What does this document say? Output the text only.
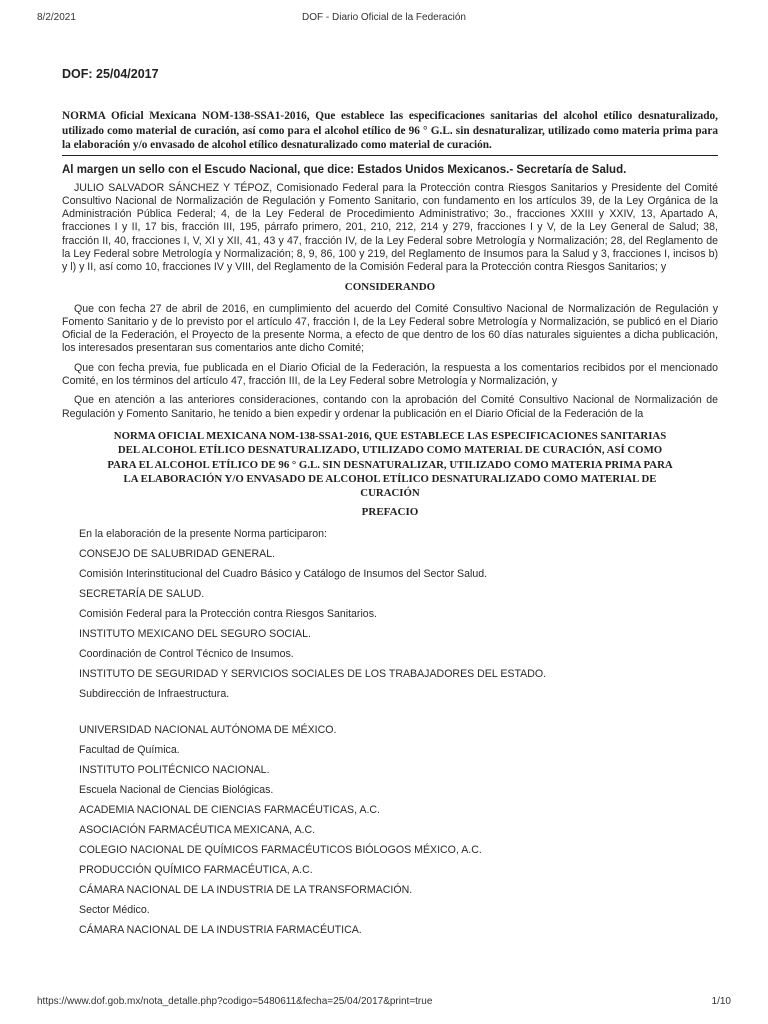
8/2/2021	DOF - Diario Oficial de la Federación
DOF: 25/04/2017
NORMA Oficial Mexicana NOM-138-SSA1-2016, Que establece las especificaciones sanitarias del alcohol etílico desnaturalizado, utilizado como material de curación, así como para el alcohol etílico de 96 ° G.L. sin desnaturalizar, utilizado como materia prima para la elaboración y/o envasado de alcohol etílico desnaturalizado como material de curación.
Al margen un sello con el Escudo Nacional, que dice: Estados Unidos Mexicanos.- Secretaría de Salud.

JULIO SALVADOR SÁNCHEZ Y TÉPOZ, Comisionado Federal para la Protección contra Riesgos Sanitarios y Presidente del Comité Consultivo Nacional de Normalización de Regulación y Fomento Sanitario, con fundamento en los artículos 39, de la Ley Orgánica de la Administración Pública Federal; 4, de la Ley Federal de Procedimiento Administrativo; 3o., fracciones XXIII y XXIV, 13, Apartado A, fracciones I y II, 17 bis, fracción III, 195, párrafo primero, 201, 210, 212, 214 y 279, fracciones I y V, de la Ley General de Salud; 38, fracción II, 40, fracciones I, V, XI y XII, 41, 43 y 47, fracción IV, de la Ley Federal sobre Metrología y Normalización; 28, del Reglamento de la Ley Federal sobre Metrología y Normalización; 8, 9, 86, 100 y 219, del Reglamento de Insumos para la Salud y 3, fracciones I, incisos b) y l) y II, así como 10, fracciones IV y VIII, del Reglamento de la Comisión Federal para la Protección contra Riesgos Sanitarios; y

CONSIDERANDO

Que con fecha 27 de abril de 2016, en cumplimiento del acuerdo del Comité Consultivo Nacional de Normalización de Regulación y Fomento Sanitario y de lo previsto por el artículo 47, fracción I, de la Ley Federal sobre Metrología y Normalización, se publicó en el Diario Oficial de la Federación, el Proyecto de la presente Norma, a efecto de que dentro de los 60 días naturales siguientes a dicha publicación, los interesados presentaran sus comentarios ante dicho Comité;

Que con fecha previa, fue publicada en el Diario Oficial de la Federación, la respuesta a los comentarios recibidos por el mencionado Comité, en los términos del artículo 47, fracción III, de la Ley Federal sobre Metrología y Normalización, y

Que en atención a las anteriores consideraciones, contando con la aprobación del Comité Consultivo Nacional de Normalización de Regulación y Fomento Sanitario, he tenido a bien expedir y ordenar la publicación en el Diario Oficial de la Federación de la

NORMA OFICIAL MEXICANA NOM-138-SSA1-2016, QUE ESTABLECE LAS ESPECIFICACIONES SANITARIAS DEL ALCOHOL ETÍLICO DESNATURALIZADO, UTILIZADO COMO MATERIAL DE CURACIÓN, ASÍ COMO PARA EL ALCOHOL ETÍLICO DE 96 ° G.L. SIN DESNATURALIZAR, UTILIZADO COMO MATERIA PRIMA PARA LA ELABORACIÓN Y/O ENVASADO DE ALCOHOL ETÍLICO DESNATURALIZADO COMO MATERIAL DE CURACIÓN
PREFACIO
En la elaboración de la presente Norma participaron:
CONSEJO DE SALUBRIDAD GENERAL.
Comisión Interinstitucional del Cuadro Básico y Catálogo de Insumos del Sector Salud.
SECRETARÍA DE SALUD.
Comisión Federal para la Protección contra Riesgos Sanitarios.
INSTITUTO MEXICANO DEL SEGURO SOCIAL.
Coordinación de Control Técnico de Insumos.
INSTITUTO DE SEGURIDAD Y SERVICIOS SOCIALES DE LOS TRABAJADORES DEL ESTADO.
Subdirección de Infraestructura.
UNIVERSIDAD NACIONAL AUTÓNOMA DE MÉXICO.
Facultad de Química.
INSTITUTO POLITÉCNICO NACIONAL.
Escuela Nacional de Ciencias Biológicas.
ACADEMIA NACIONAL DE CIENCIAS FARMACÉUTICAS, A.C.
ASOCIACIÓN FARMACÉUTICA MEXICANA, A.C.
COLEGIO NACIONAL DE QUÍMICOS FARMACÉUTICOS BIÓLOGOS MÉXICO, A.C.
PRODUCCIÓN QUÍMICO FARMACÉUTICA, A.C.
CÁMARA NACIONAL DE LA INDUSTRIA DE LA TRANSFORMACIÓN.
Sector Médico.
CÁMARA NACIONAL DE LA INDUSTRIA FARMACÉUTICA.
https://www.dof.gob.mx/nota_detalle.php?codigo=5480611&fecha=25/04/2017&print=true	1/10
